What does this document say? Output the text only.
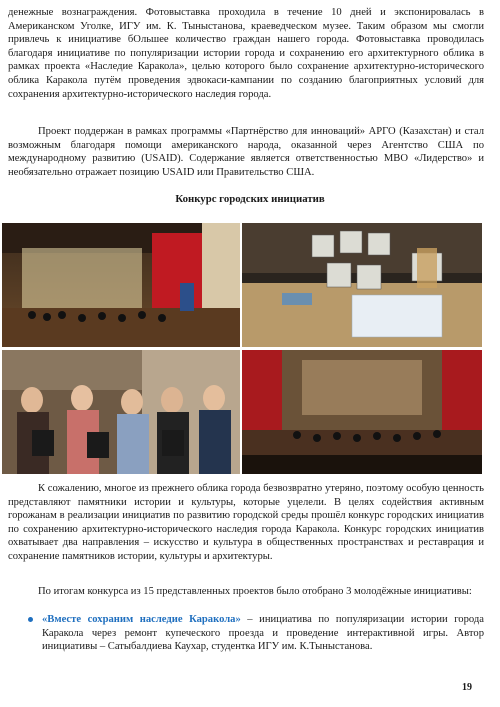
денежные вознаграждения. Фотовыставка проходила в течение 10 дней и экспонировалась в Американском Уголке, ИГУ им. К. Тыныстанова, краеведческом музее. Таким образом мы смогли привлечь к инициативе бОльшее количество граждан нашего города. Фотовыставка проводилась благодаря инициативе по популяризации истории города и сохранению его архитектурного облика в рамках проекта «Наследие Каракола», целью которого было сохранение архитектурно-исторического облика Каракола путём проведения эдвокаси-кампании по созданию благоприятных условий для сохранения архитектурно-исторического наследия города.

Проект поддержан в рамках программы «Партнёрство для инноваций» АРГО (Казахстан) и стал возможным благодаря помощи американского народа, оказанной через Агентство США по международному развитию (USAID). Содержание является ответственностью МВО «Лидерство» и необязательно отражает позицию USAID или Правительство США.

Конкурс городских инициатив

К сожалению, многое из прежнего облика города безвозвратно утеряно, поэтому особую ценность представляют памятники истории и культуры, которые уцелели. В целях содействия активным горожанам в реализации инициатив по развитию городской среды прошёл конкурс городских инициатив по сохранению архитектурно-исторического наследия города Каракола. Конкурс городских инициатив охватывает два направления – искусство и культура в общественных пространствах и реставрация и сохранение памятников истории, культуры и архитектуры.

По итогам конкурса из 15 представленных проектов было отобрано 3 молодёжные инициативы:

«Вместе сохраним наследие Каракола» – инициатива по популяризации истории города Каракола через ремонт купеческого проезда и проведение интерактивной игры. Автор инициативы – Сатыбалдиева Каухар, студентка ИГУ им. К.Тыныстанова.
19
